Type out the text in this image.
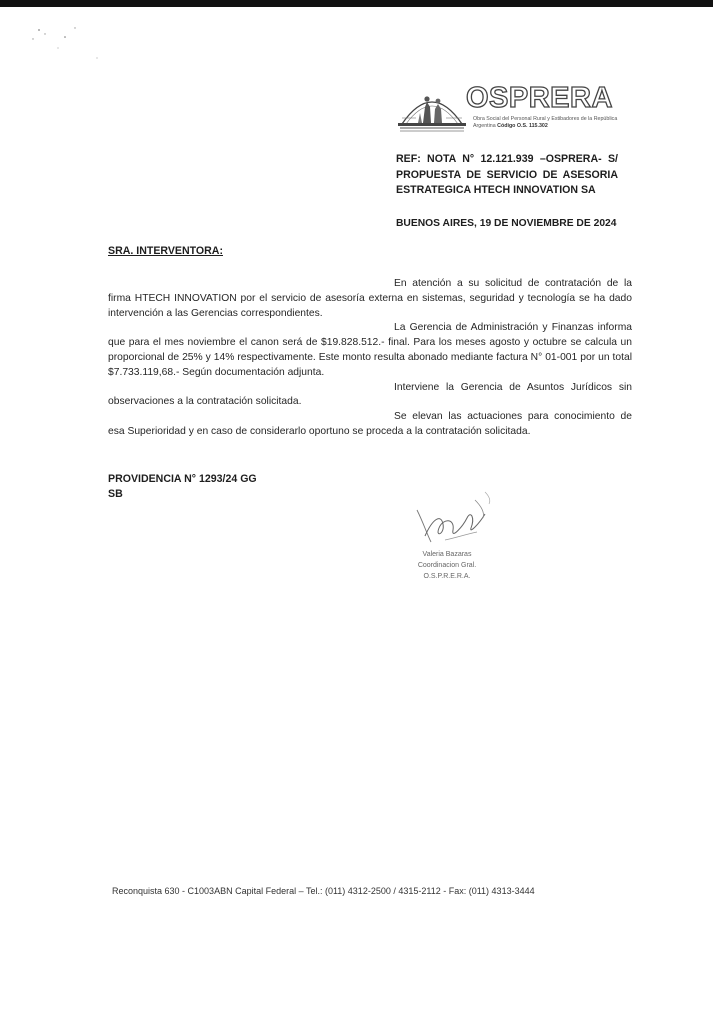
OSPRERA
Obra Social del Personal Rural y Estibadores de la República Argentina Código O.S. 115.302
REF: NOTA N° 12.121.939 –OSPRERA- S/ PROPUESTA DE SERVICIO DE ASESORIA ESTRATEGICA HTECH INNOVATION SA
BUENOS AIRES, 19 DE NOVIEMBRE DE 2024
SRA. INTERVENTORA:

En atención a su solicitud de contratación de la firma HTECH INNOVATION por el servicio de asesoría externa en sistemas, seguridad y tecnología se ha dado intervención a las Gerencias correspondientes.

La Gerencia de Administración y Finanzas informa que para el mes noviembre el canon será de $19.828.512.- final. Para los meses agosto y octubre se calcula un proporcional de 25% y 14% respectivamente. Este monto resulta abonado mediante factura N° 01-001 por un total $7.733.119,68.- Según documentación adjunta.

Interviene la Gerencia de Asuntos Jurídicos sin observaciones a la contratación solicitada.

Se elevan las actuaciones para conocimiento de esa Superioridad y en caso de considerarlo oportuno se proceda a la contratación solicitada.

PROVIDENCIA N° 1293/24 GG
SB
Valeria Bazaras
Coordinacion Gral.
O.S.P.R.E.R.A.
Reconquista 630 - C1003ABN Capital Federal – Tel.: (011) 4312-2500 / 4315-2112 - Fax: (011) 4313-3444
